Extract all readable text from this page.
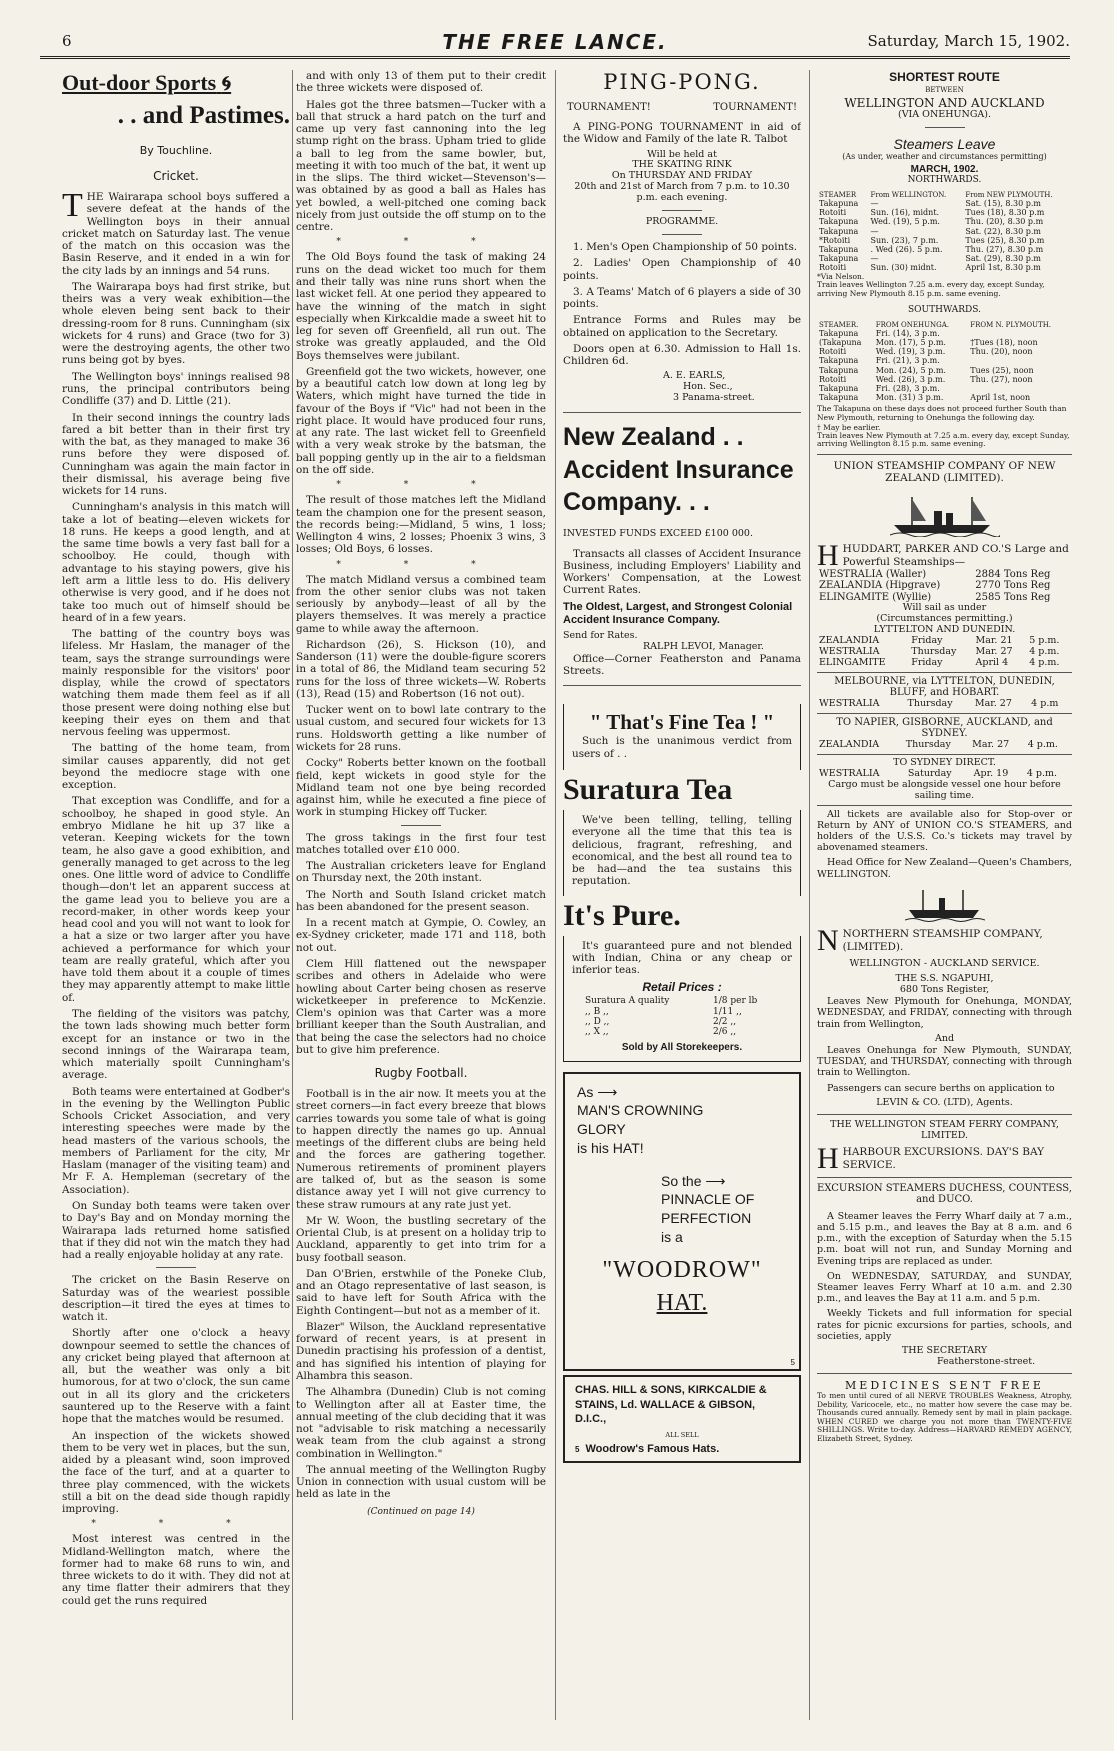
6	THE FREE LANCE.	Saturday, March 15, 1902.
Out-door Sports 🌀︎
. . and Pastimes.
By Touchline.
Cricket.

THE Wairarapa school boys suffered a severe defeat at the hands of the Wellington boys in their annual cricket match on Saturday last. The venue of the match on this occasion was the Basin Reserve, and it ended in a win for the city lads by an innings and 54 runs.

The Wairarapa boys had first strike, but theirs was a very weak exhibition—the whole eleven being sent back to their dressing-room for 8 runs. Cunningham (six wickets for 4 runs) and Grace (two for 3) were the destroying agents, the other two runs being got by byes.

The Wellington boys' innings realised 98 runs, the principal contributors being Condliffe (37) and D. Little (21).

In their second innings the country lads fared a bit better than in their first try with the bat, as they managed to make 36 runs before they were disposed of. Cunningham was again the main factor in their dismissal, his average being five wickets for 14 runs.

Cunningham's analysis in this match will take a lot of beating—eleven wickets for 18 runs. He keeps a good length, and at the same time bowls a very fast ball for a schoolboy. He could, though with advantage to his staying powers, give his left arm a little less to do. His delivery otherwise is very good, and if he does not take too much out of himself should be heard of in a few years.

The batting of the country boys was lifeless. Mr Haslam, the manager of the team, says the strange surroundings were mainly responsible for the visitors' poor display, while the crowd of spectators watching them made them feel as if all those present were doing nothing else but keeping their eyes on them and that nervous feeling was uppermost.

The batting of the home team, from similar causes apparently, did not get beyond the mediocre stage with one exception.

That exception was Condliffe, and for a schoolboy, he shaped in good style. An embryo Midlane he hit up 37 like a veteran. Keeping wickets for the town team, he also gave a good exhibition, and generally managed to get across to the leg ones. One little word of advice to Condliffe though—don't let an apparent success at the game lead you to believe you are a record-maker, in other words keep your head cool and you will not want to look for a hat a size or two larger after you have achieved a performance for which your team are really grateful, which after you have told them about it a couple of times they may apparently attempt to make little of.

The fielding of the visitors was patchy, the town lads showing much better form except for an instance or two in the second innings of the Wairarapa team, which materially spoilt Cunningham's average.

Both teams were entertained at Godber's in the evening by the Wellington Public Schools Cricket Association, and very interesting speeches were made by the head masters of the various schools, the members of Parliament for the city, Mr Haslam (manager of the visiting team) and Mr F. A. Hempleman (secretary of the Association).

On Sunday both teams were taken over to Day's Bay and on Monday morning the Wairarapa lads returned home satisfied that if they did not win the match they had had a really enjoyable holiday at any rate.

The cricket on the Basin Reserve on Saturday was of the weariest possible description—it tired the eyes at times to watch it.

Shortly after one o'clock a heavy downpour seemed to settle the chances of any cricket being played that afternoon at all, but the weather was only a bit humorous, for at two o'clock, the sun came out in all its glory and the cricketers sauntered up to the Reserve with a faint hope that the matches would be resumed.

An inspection of the wickets showed them to be very wet in places, but the sun, aided by a pleasant wind, soon improved the face of the turf, and at a quarter to three play commenced, with the wickets still a bit on the dead side though rapidly improving.

* * *

Most interest was centred in the Midland-Wellington match, where the former had to make 68 runs to win, and three wickets to do it with. They did not at any time flatter their admirers that they could get the runs required

and with only 13 of them put to their credit the three wickets were disposed of.

Hales got the three batsmen—Tucker with a ball that struck a hard patch on the turf and came up very fast cannoning into the leg stump right on the brass. Upham tried to glide a ball to leg from the same bowler, but, meeting it with too much of the bat, it went up in the slips. The third wicket—Stevenson's—was obtained by as good a ball as Hales has yet bowled, a well-pitched one coming back nicely from just outside the off stump on to the centre.

* * *

The Old Boys found the task of making 24 runs on the dead wicket too much for them and their tally was nine runs short when the last wicket fell. At one period they appeared to have the winning of the match in sight especially when Kirkcaldie made a sweet hit to leg for seven off Greenfield, all run out. The stroke was greatly applauded, and the Old Boys themselves were jubilant.

Greenfield got the two wickets, however, one by a beautiful catch low down at long leg by Waters, which might have turned the tide in favour of the Boys if "Vic" had not been in the right place. It would have produced four runs, at any rate. The last wicket fell to Greenfield with a very weak stroke by the batsman, the ball popping gently up in the air to a fieldsman on the off side.

* * *

The result of those matches left the Midland team the champion one for the present season, the records being:—Midland, 5 wins, 1 loss; Wellington 4 wins, 2 losses; Phoenix 3 wins, 3 losses; Old Boys, 6 losses.

* * *

The match Midland versus a combined team from the other senior clubs was not taken seriously by anybody—least of all by the players themselves. It was merely a practice game to while away the afternoon.

Richardson (26), S. Hickson (10), and Sanderson (11) were the double-figure scorers in a total of 86, the Midland team securing 52 runs for the loss of three wickets—W. Roberts (13), Read (15) and Robertson (16 not out).

Tucker went on to bowl late contrary to the usual custom, and secured four wickets for 13 runs. Holdsworth getting a like number of wickets for 28 runs.

Cocky" Roberts better known on the football field, kept wickets in good style for the Midland team not one bye being recorded against him, while he executed a fine piece of work in stumping Hickey off Tucker.

The gross takings in the first four test matches totalled over £10 000.

The Australian cricketers leave for England on Thursday next, the 20th instant.

The North and South Island cricket match has been abandoned for the present season.

In a recent match at Gympie, O. Cowley, an ex-Sydney cricketer, made 171 and 118, both not out.

Clem Hill flattened out the newspaper scribes and others in Adelaide who were howling about Carter being chosen as reserve wicketkeeper in preference to McKenzie. Clem's opinion was that Carter was a more brilliant keeper than the South Australian, and that being the case the selectors had no choice but to give him preference.

Rugby Football.

Football is in the air now. It meets you at the street corners—in fact every breeze that blows carries towards you some tale of what is going to happen directly the names go up. Annual meetings of the different clubs are being held and the forces are gathering together. Numerous retirements of prominent players are talked of, but as the season is some distance away yet I will not give currency to these straw rumours at any rate just yet.

Mr W. Woon, the bustling secretary of the Oriental Club, is at present on a holiday trip to Auckland, apparently to get into trim for a busy football season.

Dan O'Brien, erstwhile of the Poneke Club, and an Otago representative of last season, is said to have left for South Africa with the Eighth Contingent—but not as a member of it.

Blazer" Wilson, the Auckland representative forward of recent years, is at present in Dunedin practising his profession of a dentist, and has signified his intention of playing for Alhambra this season.

The Alhambra (Dunedin) Club is not coming to Wellington after all at Easter time, the annual meeting of the club deciding that it was not "advisable to risk matching a necessarily weak team from the club against a strong combination in Wellington."

The annual meeting of the Wellington Rugby Union in connection with usual custom will be held as late in the

(Continued on page 14)
PING-PONG.
TOURNAMENT!	TOURNAMENT!

A PING-PONG TOURNAMENT in aid of the Widow and Family of the late R. Talbot

Will be held at
THE SKATING RINK
On THURSDAY AND FRIDAY
20th and 21st of March from 7 p.m. to 10.30 p.m. each evening.
PROGRAMME.

1. Men's Open Championship of 50 points.

2. Ladies' Open Championship of 40 points.

3. A Teams' Match of 6 players a side of 30 points.

Entrance Forms and Rules may be obtained on application to the Secretary.

Doors open at 6.30. Admission to Hall 1s. Children 6d.

A. E. EARLS,
Hon. Sec.,
3 Panama-street.
New Zealand . . Accident Insurance Company. . .
INVESTED FUNDS EXCEED £100 000.

Transacts all classes of Accident Insurance Business, including Employers' Liability and Workers' Compensation, at the Lowest Current Rates.

The Oldest, Largest, and Strongest Colonial Accident Insurance Company.
Send for Rates.
RALPH LEVOI, Manager.

Office—Corner Featherston and Panama Streets.

" That's Fine Tea ! "

Such is the unanimous verdict from users of . .

Suratura Tea

We've been telling, telling, telling everyone all the time that this tea is delicious, fragrant, refreshing, and economical, and the best all round tea to be had—and the tea sustains this reputation.

It's Pure.

It's guaranteed pure and not blended with Indian, China or any cheap or inferior teas.

Retail Prices :
Suratura A quality	1/8 per lb
,, B ,,	1/11 ,,
,, D ,,	2/2 ,,
,, X ,,	2/6 ,,
Sold by All Storekeepers.
As ⟶
MAN'S CROWNING
GLORY
is his HAT!
So the ⟶
PINNACLE OF
PERFECTION
is a
"WOODROW"
HAT.
5
CHAS. HILL & SONS, KIRKCALDIE & STAINS, Ld. WALLACE & GIBSON, D.I.C.,
ALL SELL
5 Woodrow's Famous Hats.
SHORTEST ROUTE
BETWEEN
WELLINGTON AND AUCKLAND
(VIA ONEHUNGA).
Steamers Leave
(As under, weather and circumstances permitting)
MARCH, 1902.
NORTHWARDS.
STEAMER	From WELLINGTON.	From NEW PLYMOUTH.
Takapuna	—	Sat. (15), 8.30 p.m
Rotoiti	Sun. (16), midnt.	Tues (18), 8.30 p.m
Takapuna	Wed. (19), 5 p.m.	Thu. (20), 8.30 p.m
Takapuna	—	Sat. (22), 8.30 p.m
*Rotoiti	Sun. (23), 7 p.m.	Tues (25), 8.30 p.m
Takapuna	. Wed (26). 5 p.m.	Thu. (27), 8.30 p.m
Takapuna	—	Sat. (29), 8.30 p.m
Rotoiti	Sun. (30) midnt.	April 1st, 8.30 p.m
*Via Nelson.
Train leaves Wellington 7.25 a.m. every day, except Sunday, arriving New Plymouth 8.15 p.m. same evening.
SOUTHWARDS.
STEAMER.	FROM ONEHUNGA.	FROM N. PLYMOUTH.
Takapuna	Fri. (14), 3 p.m.	
(Takapuna	Mon. (17), 5 p.m.	†Tues (18), noon
Rotoiti	Wed. (19), 3 p.m.	Thu. (20), noon
Takapuna	Fri. (21), 3 p.m.	
Takapuna	Mon. (24), 5 p.m.	Tues (25), noon
Rotoiti	Wed. (26), 3 p.m.	Thu. (27), noon
Takapuna	Fri. (28), 3 p.m.	
Takapuna	Mon. (31) 3 p.m.	April 1st, noon
The Takapuna on these days does not proceed further South than New Plymouth, returning to Onehunga the following day.
† May be earlier.
Train leaves New Plymouth at 7.25 a.m. every day, except Sunday, arriving Wellington 8.15 p.m. same evening.
UNION STEAMSHIP COMPANY OF NEW ZEALAND (LIMITED).
HHUDDART, PARKER AND CO.'S Large and Powerful Steamships—
WESTRALIA (Waller)	2884 Tons Reg
ZEALANDIA (Hipgrave)	2770 Tons Reg
ELINGAMITE (Wyllie)	2585 Tons Reg
Will sail as under
(Circumstances permitting.)
LYTTELTON AND DUNEDIN.
ZEALANDIA	Friday	Mar. 21	5 p.m.
WESTRALIA	Thursday	Mar. 27	4 p.m.
ELINGAMITE	Friday	April 4	4 p.m.
MELBOURNE, via LYTTELTON, DUNEDIN, BLUFF, and HOBART.
WESTRALIA	Thursday	Mar. 27	4 p.m
TO NAPIER, GISBORNE, AUCKLAND, and SYDNEY.
ZEALANDIA	Thursday	Mar. 27	4 p.m.
TO SYDNEY DIRECT.
WESTRALIA	Saturday	Apr. 19	4 p.m.
Cargo must be alongside vessel one hour before sailing time.

All tickets are available also for Stop-over or Return by ANY of UNION CO.'S STEAMERS, and holders of the U.S.S. Co.'s tickets may travel by abovenamed steamers.

Head Office for New Zealand—Queen's Chambers, WELLINGTON.

NNORTHERN STEAMSHIP COMPANY, (LIMITED).
WELLINGTON - AUCKLAND SERVICE.
THE S.S. NGAPUHI,
680 Tons Register,

Leaves New Plymouth for Onehunga, MONDAY, WEDNESDAY, and FRIDAY, connecting with through train from Wellington,

And

Leaves Onehunga for New Plymouth, SUNDAY, TUESDAY, and THURSDAY, connecting with through train to Wellington.

Passengers can secure berths on application to

LEVIN & CO. (LTD), Agents.
THE WELLINGTON STEAM FERRY COMPANY, LIMITED.
HHARBOUR EXCURSIONS. DAY'S BAY SERVICE.
EXCURSION STEAMERS DUCHESS, COUNTESS, and DUCO.

A Steamer leaves the Ferry Wharf daily at 7 a.m., and 5.15 p.m., and leaves the Bay at 8 a.m. and 6 p.m., with the exception of Saturday when the 5.15 p.m. boat will not run, and Sunday Morning and Evening trips are replaced as under.

On WEDNESDAY, SATURDAY, and SUNDAY, Steamer leaves Ferry Wharf at 10 a.m. and 2.30 p.m., and leaves the Bay at 11 a.m. and 5 p.m.

Weekly Tickets and full information for special rates for picnic excursions for parties, schools, and societies, apply

THE SECRETARY
Featherstone-street.
MEDICINES SENT FREE
To men until cured of all NERVE TROUBLES Weakness, Atrophy, Debility, Varicocele, etc., no matter how severe the case may be. Thousands cured annually. Remedy sent by mail in plain package. WHEN CURED we charge you not more than TWENTY-FIVE SHILLINGS. Write to-day. Address—HARVARD REMEDY AGENCY, Elizabeth Street, Sydney.
